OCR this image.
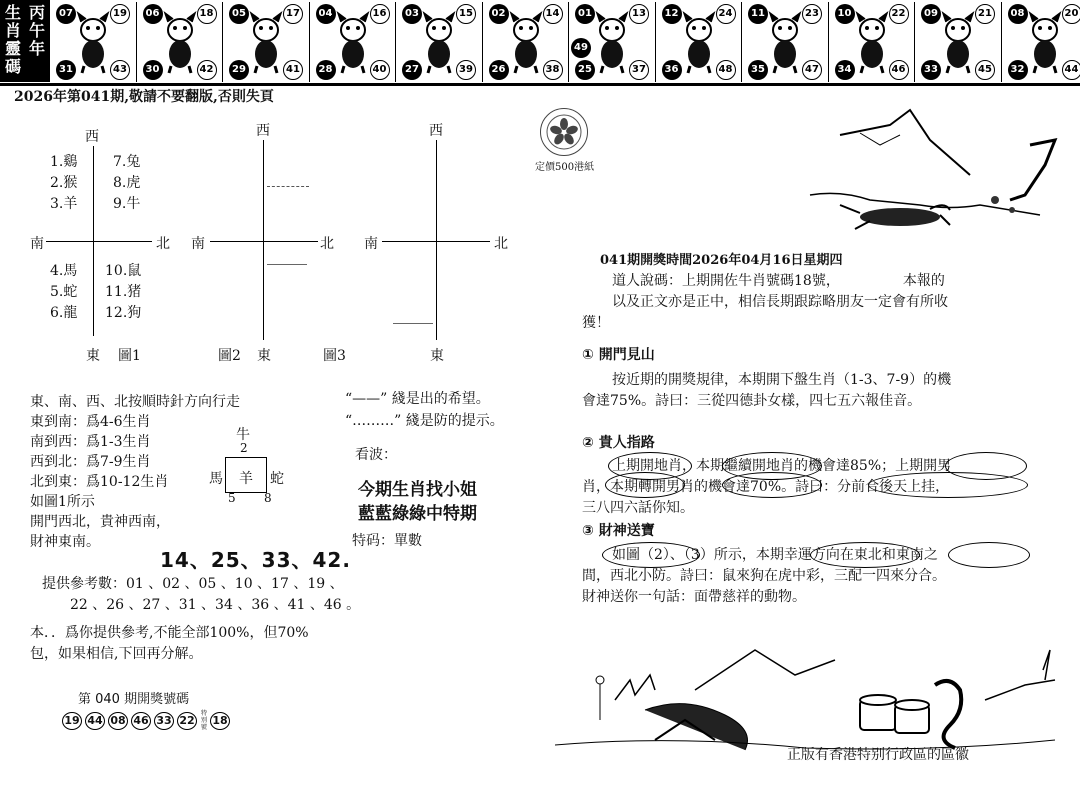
生
肖
靈
碼
丙
午
年
07	19
31	43
06	18
30	42
05	17
29	41
04	16
28	40
03	15
27	39
02	14
26	38
01	13
25	37
49
12	24
36	48
11	23
35	47
10	22
34	46
09	21
33	45
08	20
32	44
2026年第041期,敬請不要翻版,否則失頁
西
南	北
1.鷄
2.猴
3.羊
7.兔
8.虎
9.牛
4.馬
5.蛇
6.龍
10.鼠
11.猪
12.狗
東 圖1
西
南	北
圖2 東
西
南	北
圖3	東
東、南、西、北按順時針方向行走
東到南：爲4-6生肖
南到西：爲1-3生肖
西到北：爲7-9生肖
北到東：爲10-12生肖
如圖1所示
開門西北，貴神西南，
財神東南。
牛
2
馬 羊 蛇
5 8
“——” 綫是出的希望。
“………” 綫是防的提示。
看波：
今期生肖找小姐
藍藍綠綠中特期
特码：單數
14、25、33、42.
提供參考數：01 、02 、05 、10 、17 、19 、
22 、26 、27 、31 、34 、36 、41 、46 。
本．．爲你提供參考,不能全部100%，但70%
包，如果相信,下回再分解。
第 040 期開獎號碼
19 44 08 46 33 22 18
特別號
定價500港紙
041期開獎時間2026年04月16日星期四
道人說碼：上期開佐牛肖號碼18號，　　　　　本報的
以及正文亦是正中，相信長期跟踪略朋友一定會有所收
獲！
① 開門見山
按近期的開獎規律，本期開下盤生肖（1-3、7-9）的機
會達75%。詩曰：三從四德卦女樣，四七五六報佳音。
② 貴人指路
上期開地肖，本期繼續開地肖的機會達85%；上期開男
肖，本期轉開男肖的機會達70%。詩曰：分前合後天上挂，
三八四六話你知。
③ 財神送寶
如圖（2）、（3）所示，本期幸運方向在東北和東南之
間，西北小防。詩曰：鼠來狗在虎中彩，三配一四來分合。
財神送你一句話：面帶慈祥的動物。
正版有香港特别行政區的區徽
